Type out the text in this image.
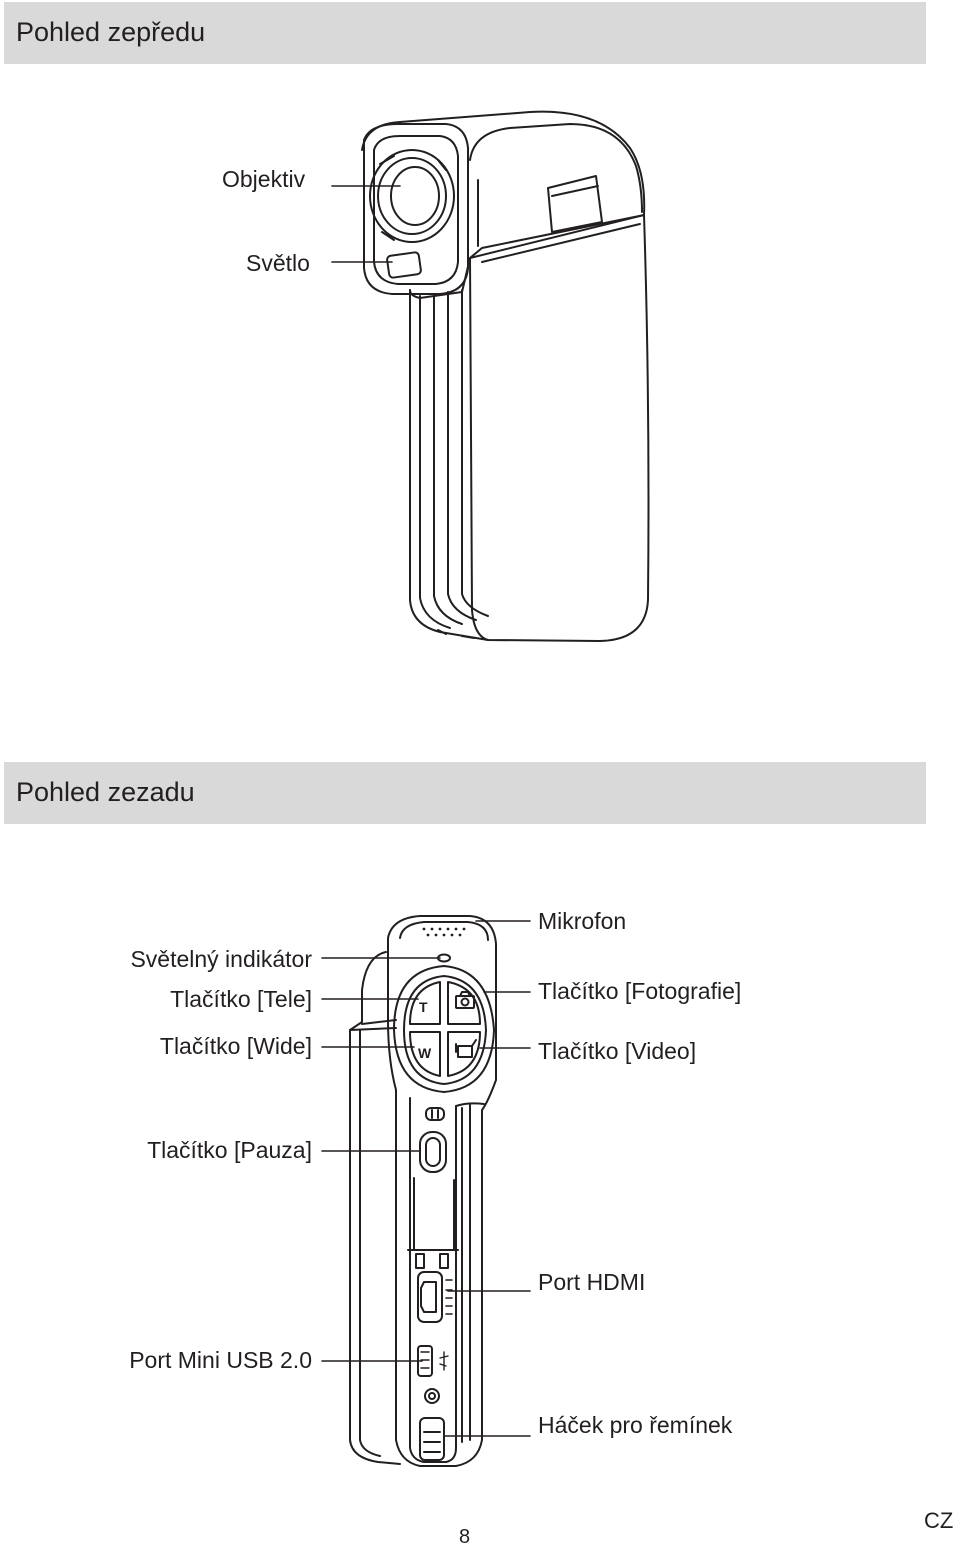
Pohled zepředu
Objektiv
Světlo
Pohled zezadu
Světelný indikátor
Tlačítko [Tele]
Tlačítko [Wide]
Tlačítko [Pauza]
Port Mini USB 2.0
Mikrofon
Tlačítko [Fotografie]
Tlačítko [Video]
Port HDMI
Háček pro řemínek
T
W
8
CZ
